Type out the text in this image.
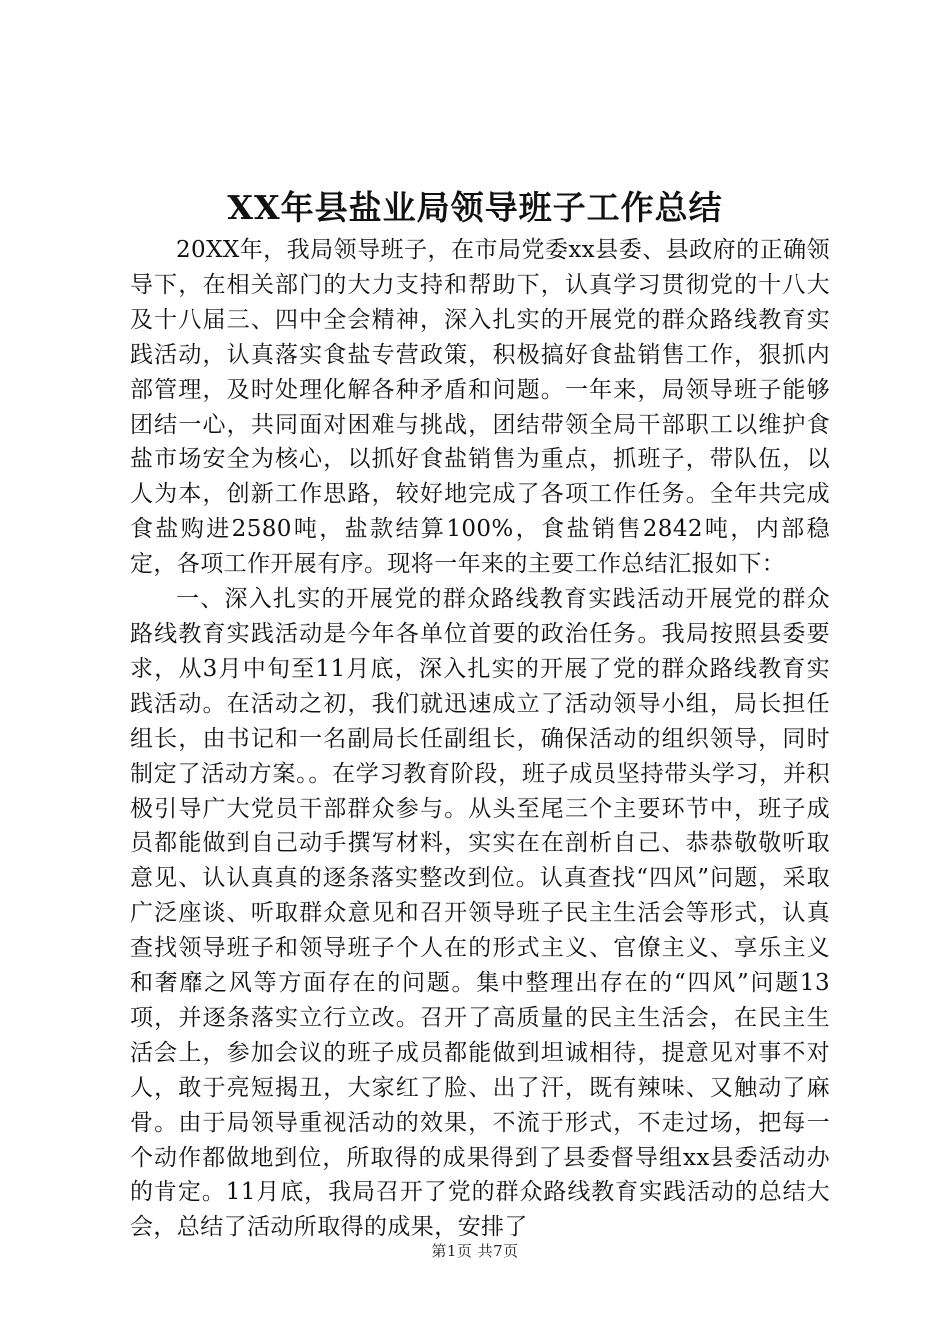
XX年县盐业局领导班子工作总结

20XX年，我局领导班子，在市局党委xx县委、县政府的正确领导下，在相关部门的大力支持和帮助下，认真学习贯彻党的十八大及十八届三、四中全会精神，深入扎实的开展党的群众路线教育实践活动，认真落实食盐专营政策，积极搞好食盐销售工作，狠抓内部管理，及时处理化解各种矛盾和问题。一年来，局领导班子能够团结一心，共同面对困难与挑战，团结带领全局干部职工以维护食盐市场安全为核心，以抓好食盐销售为重点，抓班子，带队伍，以人为本，创新工作思路，较好地完成了各项工作任务。全年共完成食盐购进2580吨，盐款结算100%，食盐销售2842吨，内部稳定，各项工作开展有序。现将一年来的主要工作总结汇报如下：

一、深入扎实的开展党的群众路线教育实践活动开展党的群众路线教育实践活动是今年各单位首要的政治任务。我局按照县委要求，从3月中旬至11月底，深入扎实的开展了党的群众路线教育实践活动。在活动之初，我们就迅速成立了活动领导小组，局长担任组长，由书记和一名副局长任副组长，确保活动的组织领导，同时制定了活动方案。。在学习教育阶段，班子成员坚持带头学习，并积极引导广大党员干部群众参与。从头至尾三个主要环节中，班子成员都能做到自己动手撰写材料，实实在在剖析自己、恭恭敬敬听取意见、认认真真的逐条落实整改到位。认真查找“四风”问题，采取广泛座谈、听取群众意见和召开领导班子民主生活会等形式，认真查找领导班子和领导班子个人在的形式主义、官僚主义、享乐主义和奢靡之风等方面存在的问题。集中整理出存在的“四风”问题13项，并逐条落实立行立改。召开了高质量的民主生活会，在民主生活会上，参加会议的班子成员都能做到坦诚相待，提意见对事不对人，敢于亮短揭丑，大家红了脸、出了汗，既有辣味、又触动了麻骨。由于局领导重视活动的效果，不流于形式，不走过场，把每一个动作都做地到位，所取得的成果得到了县委督导组xx县委活动办的肯定。11月底，我局召开了党的群众路线教育实践活动的总结大会，总结了活动所取得的成果，安排了

第1页 共7页
